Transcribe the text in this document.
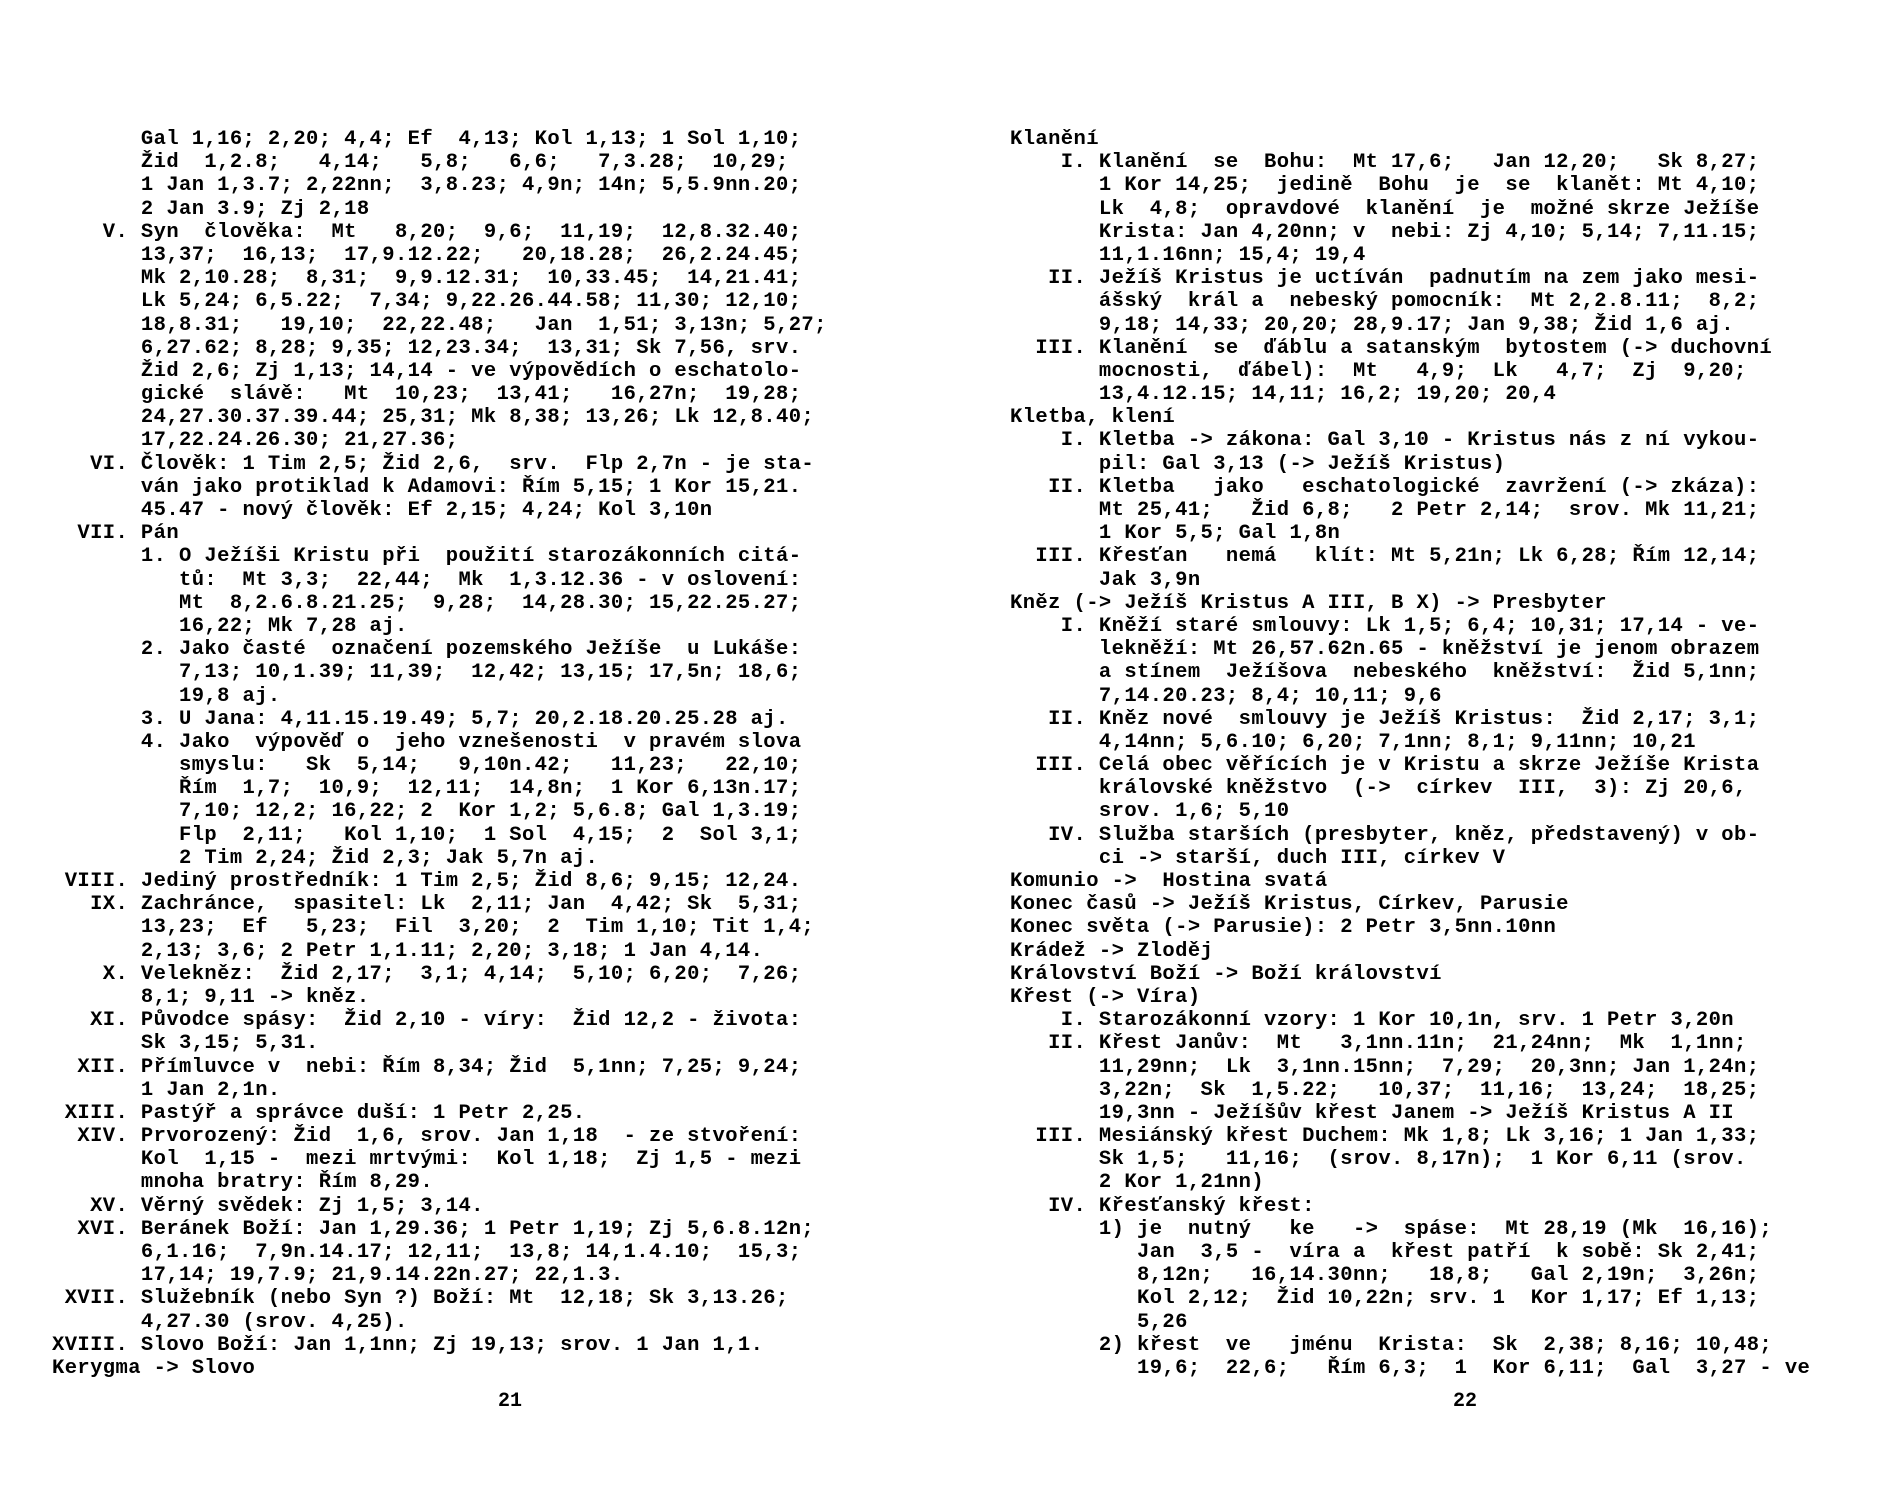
Gal 1,16; 2,20; 4,4; Ef  4,13; Kol 1,13; 1 Sol 1,10;
Žid  1,2.8;   4,14;   5,8;   6,6;   7,3.28;  10,29;
1 Jan 1,3.7; 2,22nn;  3,8.23; 4,9n; 14n; 5,5.9nn.20;
2 Jan 3.9; Zj 2,18
V. Syn  člověka:  Mt   8,20;  9,6;  11,19;  12,8.32.40;
13,37;  16,13;  17,9.12.22;   20,18.28;  26,2.24.45;
Mk 2,10.28;  8,31;  9,9.12.31;  10,33.45;  14,21.41;
Lk 5,24; 6,5.22;  7,34; 9,22.26.44.58; 11,30; 12,10;
18,8.31;   19,10;  22,22.48;   Jan  1,51; 3,13n; 5,27;
6,27.62; 8,28; 9,35; 12,23.34;  13,31; Sk 7,56, srv.
Žid 2,6; Zj 1,13; 14,14 - ve výpovědích o eschatolo-
gické  slávě:   Mt  10,23;  13,41;   16,27n;  19,28;
24,27.30.37.39.44; 25,31; Mk 8,38; 13,26; Lk 12,8.40;
17,22.24.26.30; 21,27.36;
VI. Člověk: 1 Tim 2,5; Žid 2,6,  srv.  Flp 2,7n - je sta-
ván jako protiklad k Adamovi: Řím 5,15; 1 Kor 15,21.
45.47 - nový člověk: Ef 2,15; 4,24; Kol 3,10n
VII. Pán
1. O Ježíši Kristu při  použití starozákonních citá-
tů:  Mt 3,3;  22,44;  Mk  1,3.12.36 - v oslovení:
Mt  8,2.6.8.21.25;  9,28;  14,28.30; 15,22.25.27;
16,22; Mk 7,28 aj.
2. Jako časté  označení pozemského Ježíše  u Lukáše:
7,13; 10,1.39; 11,39;  12,42; 13,15; 17,5n; 18,6;
19,8 aj.
3. U Jana: 4,11.15.19.49; 5,7; 20,2.18.20.25.28 aj.
4. Jako  výpověď o  jeho vznešenosti  v pravém slova
smyslu:   Sk  5,14;   9,10n.42;   11,23;   22,10;
Řím  1,7;  10,9;  12,11;  14,8n;  1 Kor 6,13n.17;
7,10; 12,2; 16,22; 2  Kor 1,2; 5,6.8; Gal 1,3.19;
Flp  2,11;   Kol 1,10;  1 Sol  4,15;  2  Sol 3,1;
2 Tim 2,24; Žid 2,3; Jak 5,7n aj.
VIII. Jediný prostředník: 1 Tim 2,5; Žid 8,6; 9,15; 12,24.
IX. Zachránce,  spasitel: Lk  2,11; Jan  4,42; Sk  5,31;
13,23;  Ef   5,23;  Fil  3,20;  2  Tim 1,10; Tit 1,4;
2,13; 3,6; 2 Petr 1,1.11; 2,20; 3,18; 1 Jan 4,14.
X. Velekněz:  Žid 2,17;  3,1; 4,14;  5,10; 6,20;  7,26;
8,1; 9,11 -> kněz.
XI. Původce spásy:  Žid 2,10 - víry:  Žid 12,2 - života:
Sk 3,15; 5,31.
XII. Přímluvce v  nebi: Řím 8,34; Žid  5,1nn; 7,25; 9,24;
1 Jan 2,1n.
XIII. Pastýř a správce duší: 1 Petr 2,25.
XIV. Prvorozený: Žid  1,6, srov. Jan 1,18  - ze stvoření:
Kol  1,15 -  mezi mrtvými:  Kol 1,18;  Zj 1,5 - mezi
mnoha bratry: Řím 8,29.
XV. Věrný svědek: Zj 1,5; 3,14.
XVI. Beránek Boží: Jan 1,29.36; 1 Petr 1,19; Zj 5,6.8.12n;
6,1.16;  7,9n.14.17; 12,11;  13,8; 14,1.4.10;  15,3;
17,14; 19,7.9; 21,9.14.22n.27; 22,1.3.
XVII. Služebník (nebo Syn ?) Boží: Mt  12,18; Sk 3,13.26;
4,27.30 (srov. 4,25).
XVIII. Slovo Boží: Jan 1,1nn; Zj 19,13; srov. 1 Jan 1,1.
Kerygma -> Slovo
Klanění
I. Klanění  se  Bohu:  Mt 17,6;   Jan 12,20;   Sk 8,27;
1 Kor 14,25;  jedině  Bohu  je  se  klanět: Mt 4,10;
Lk  4,8;  opravdové  klanění  je  možné skrze Ježíše
Krista: Jan 4,20nn; v  nebi: Zj 4,10; 5,14; 7,11.15;
11,1.16nn; 15,4; 19,4
II. Ježíš Kristus je uctíván  padnutím na zem jako mesi-
ášský  král a  nebeský pomocník:  Mt 2,2.8.11;  8,2;
9,18; 14,33; 20,20; 28,9.17; Jan 9,38; Žid 1,6 aj.
III. Klanění  se  ďáblu a satanským  bytostem (-> duchovní
mocnosti,  ďábel):  Mt   4,9;  Lk   4,7;  Zj  9,20;
13,4.12.15; 14,11; 16,2; 19,20; 20,4
Kletba, klení
I. Kletba -> zákona: Gal 3,10 - Kristus nás z ní vykou-
pil: Gal 3,13 (-> Ježíš Kristus)
II. Kletba   jako   eschatologické  zavržení (-> zkáza):
Mt 25,41;   Žid 6,8;   2 Petr 2,14;  srov. Mk 11,21;
1 Kor 5,5; Gal 1,8n
III. Křesťan   nemá   klít: Mt 5,21n; Lk 6,28; Řím 12,14;
Jak 3,9n
Kněz (-> Ježíš Kristus A III, B X) -> Presbyter
I. Kněží staré smlouvy: Lk 1,5; 6,4; 10,31; 17,14 - ve-
lekněží: Mt 26,57.62n.65 - kněžství je jenom obrazem
a stínem  Ježíšova  nebeského  kněžství:  Žid 5,1nn;
7,14.20.23; 8,4; 10,11; 9,6
II. Kněz nové  smlouvy je Ježíš Kristus:  Žid 2,17; 3,1;
4,14nn; 5,6.10; 6,20; 7,1nn; 8,1; 9,11nn; 10,21
III. Celá obec věřících je v Kristu a skrze Ježíše Krista
královské kněžstvo  (->  církev  III,  3): Zj 20,6,
srov. 1,6; 5,10
IV. Služba starších (presbyter, kněz, představený) v ob-
ci -> starší, duch III, církev V
Komunio ->  Hostina svatá
Konec časů -> Ježíš Kristus, Církev, Parusie
Konec světa (-> Parusie): 2 Petr 3,5nn.10nn
Krádež -> Zloděj
Království Boží -> Boží království
Křest (-> Víra)
I. Starozákonní vzory: 1 Kor 10,1n, srv. 1 Petr 3,20n
II. Křest Janův:  Mt   3,1nn.11n;  21,24nn;  Mk  1,1nn;
11,29nn;  Lk  3,1nn.15nn;  7,29;  20,3nn; Jan 1,24n;
3,22n;  Sk  1,5.22;   10,37;  11,16;  13,24;  18,25;
19,3nn - Ježíšův křest Janem -> Ježíš Kristus A II
III. Mesiánský křest Duchem: Mk 1,8; Lk 3,16; 1 Jan 1,33;
Sk 1,5;   11,16;  (srov. 8,17n);  1 Kor 6,11 (srov.
2 Kor 1,21nn)
IV. Křesťanský křest:
1) je  nutný   ke   ->  spáse:  Mt 28,19 (Mk  16,16);
Jan  3,5 -  víra a  křest patří  k sobě: Sk 2,41;
8,12n;   16,14.30nn;   18,8;   Gal 2,19n;  3,26n;
Kol 2,12;  Žid 10,22n; srv. 1  Kor 1,17; Ef 1,13;
5,26
2) křest  ve   jménu  Krista:  Sk  2,38; 8,16; 10,48;
19,6;  22,6;   Řím 6,3;  1  Kor 6,11;  Gal  3,27 - ve
21	22
